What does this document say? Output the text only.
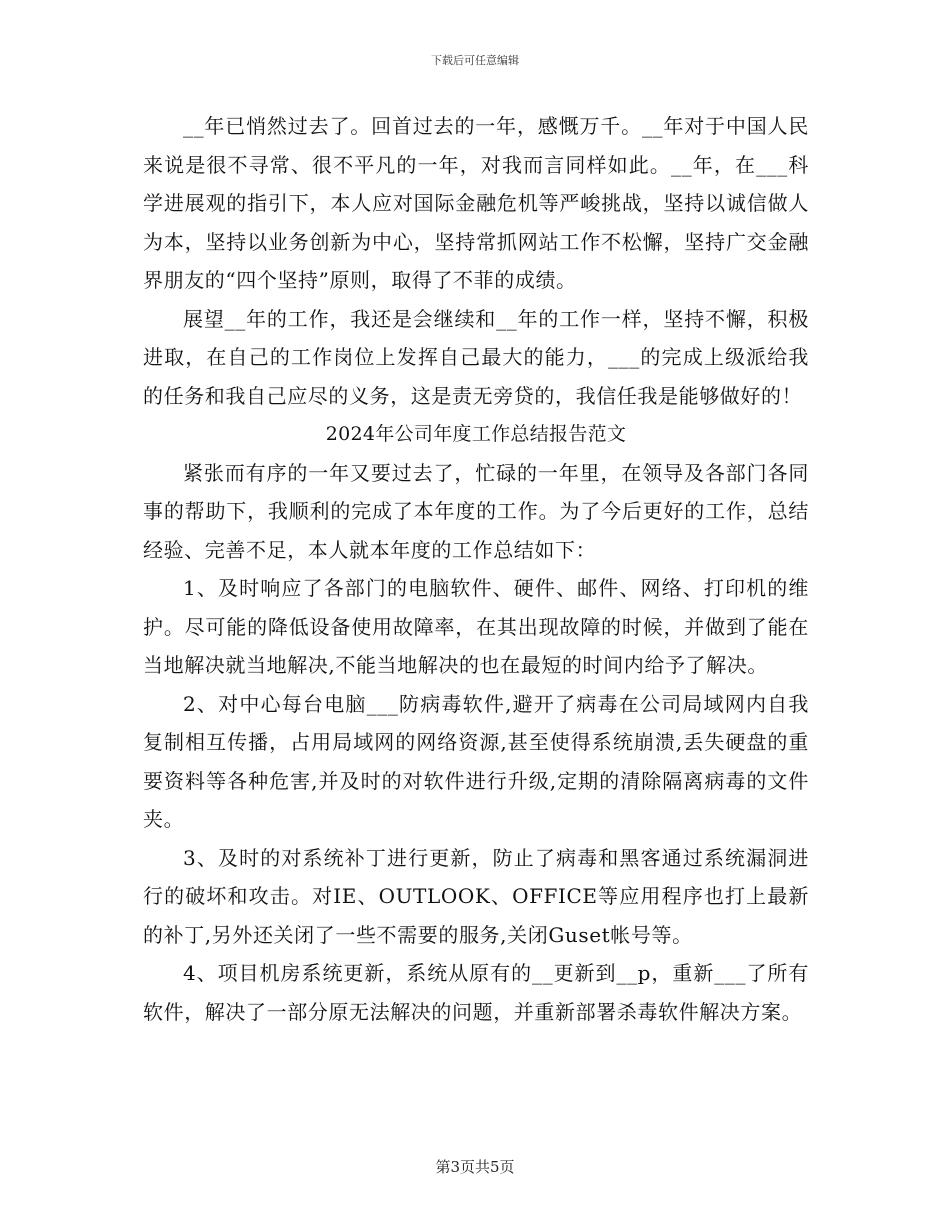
下载后可任意编辑

__年已悄然过去了。回首过去的一年，感慨万千。__年对于中国人民来说是很不寻常、很不平凡的一年，对我而言同样如此。__年，在___科学进展观的指引下，本人应对国际金融危机等严峻挑战，坚持以诚信做人为本，坚持以业务创新为中心，坚持常抓网站工作不松懈，坚持广交金融界朋友的“四个坚持”原则，取得了不菲的成绩。

展望__年的工作，我还是会继续和__年的工作一样，坚持不懈，积极进取，在自己的工作岗位上发挥自己最大的能力，___的完成上级派给我的任务和我自己应尽的义务，这是责无旁贷的，我信任我是能够做好的！

2024年公司年度工作总结报告范文

紧张而有序的一年又要过去了，忙碌的一年里，在领导及各部门各同事的帮助下，我顺利的完成了本年度的工作。为了今后更好的工作，总结经验、完善不足，本人就本年度的工作总结如下：

1、及时响应了各部门的电脑软件、硬件、邮件、网络、打印机的维护。尽可能的降低设备使用故障率，在其出现故障的时候，并做到了能在当地解决就当地解决,不能当地解决的也在最短的时间内给予了解决。

2、对中心每台电脑___防病毒软件,避开了病毒在公司局域网内自我复制相互传播，占用局域网的网络资源,甚至使得系统崩溃,丢失硬盘的重要资料等各种危害,并及时的对软件进行升级,定期的清除隔离病毒的文件夹。

3、及时的对系统补丁进行更新，防止了病毒和黑客通过系统漏洞进行的破坏和攻击。对IE、OUTLOOK、OFFICE等应用程序也打上最新的补丁,另外还关闭了一些不需要的服务,关闭Guset帐号等。

4、项目机房系统更新，系统从原有的__更新到__p，重新___了所有软件，解决了一部分原无法解决的问题，并重新部署杀毒软件解决方案。

第3页共5页
